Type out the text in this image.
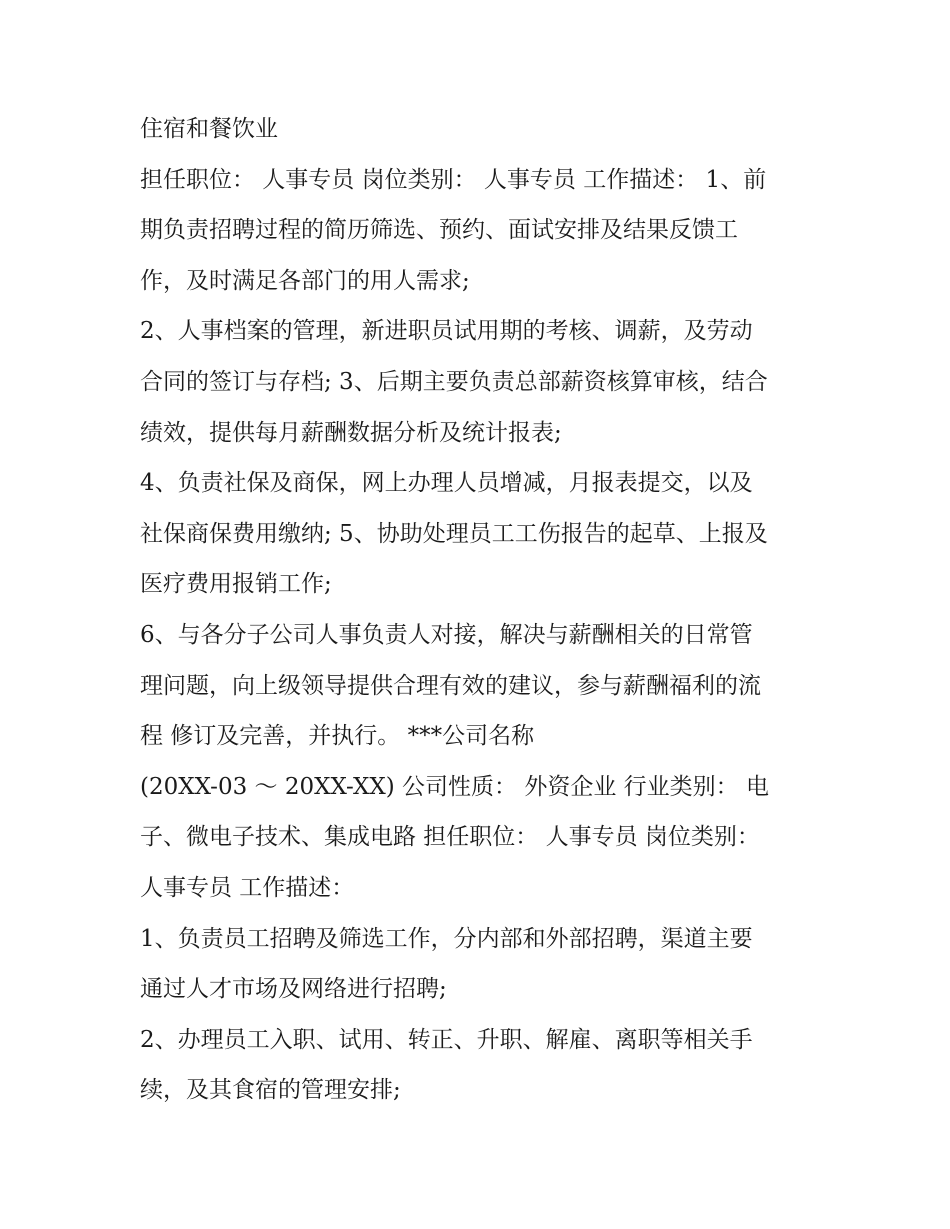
住宿和餐饮业
担任职位： 人事专员 岗位类别： 人事专员 工作描述： 1、前
期负责招聘过程的简历筛选、预约、面试安排及结果反馈工
作，及时满足各部门的用人需求;
2、人事档案的管理，新进职员试用期的考核、调薪，及劳动
合同的签订与存档; 3、后期主要负责总部薪资核算审核，结合
绩效，提供每月薪酬数据分析及统计报表;
4、负责社保及商保，网上办理人员增减，月报表提交，以及
社保商保费用缴纳; 5、协助处理员工工伤报告的起草、上报及
医疗费用报销工作;
6、与各分子公司人事负责人对接，解决与薪酬相关的日常管
理问题，向上级领导提供合理有效的建议，参与薪酬福利的流
程 修订及完善，并执行。 ***公司名称
(20XX-03 ～ 20XX-XX) 公司性质： 外资企业 行业类别： 电
子、微电子技术、集成电路 担任职位： 人事专员 岗位类别：
人事专员 工作描述：
1、负责员工招聘及筛选工作，分内部和外部招聘，渠道主要
通过人才市场及网络进行招聘;
2、办理员工入职、试用、转正、升职、解雇、离职等相关手
续，及其食宿的管理安排;
